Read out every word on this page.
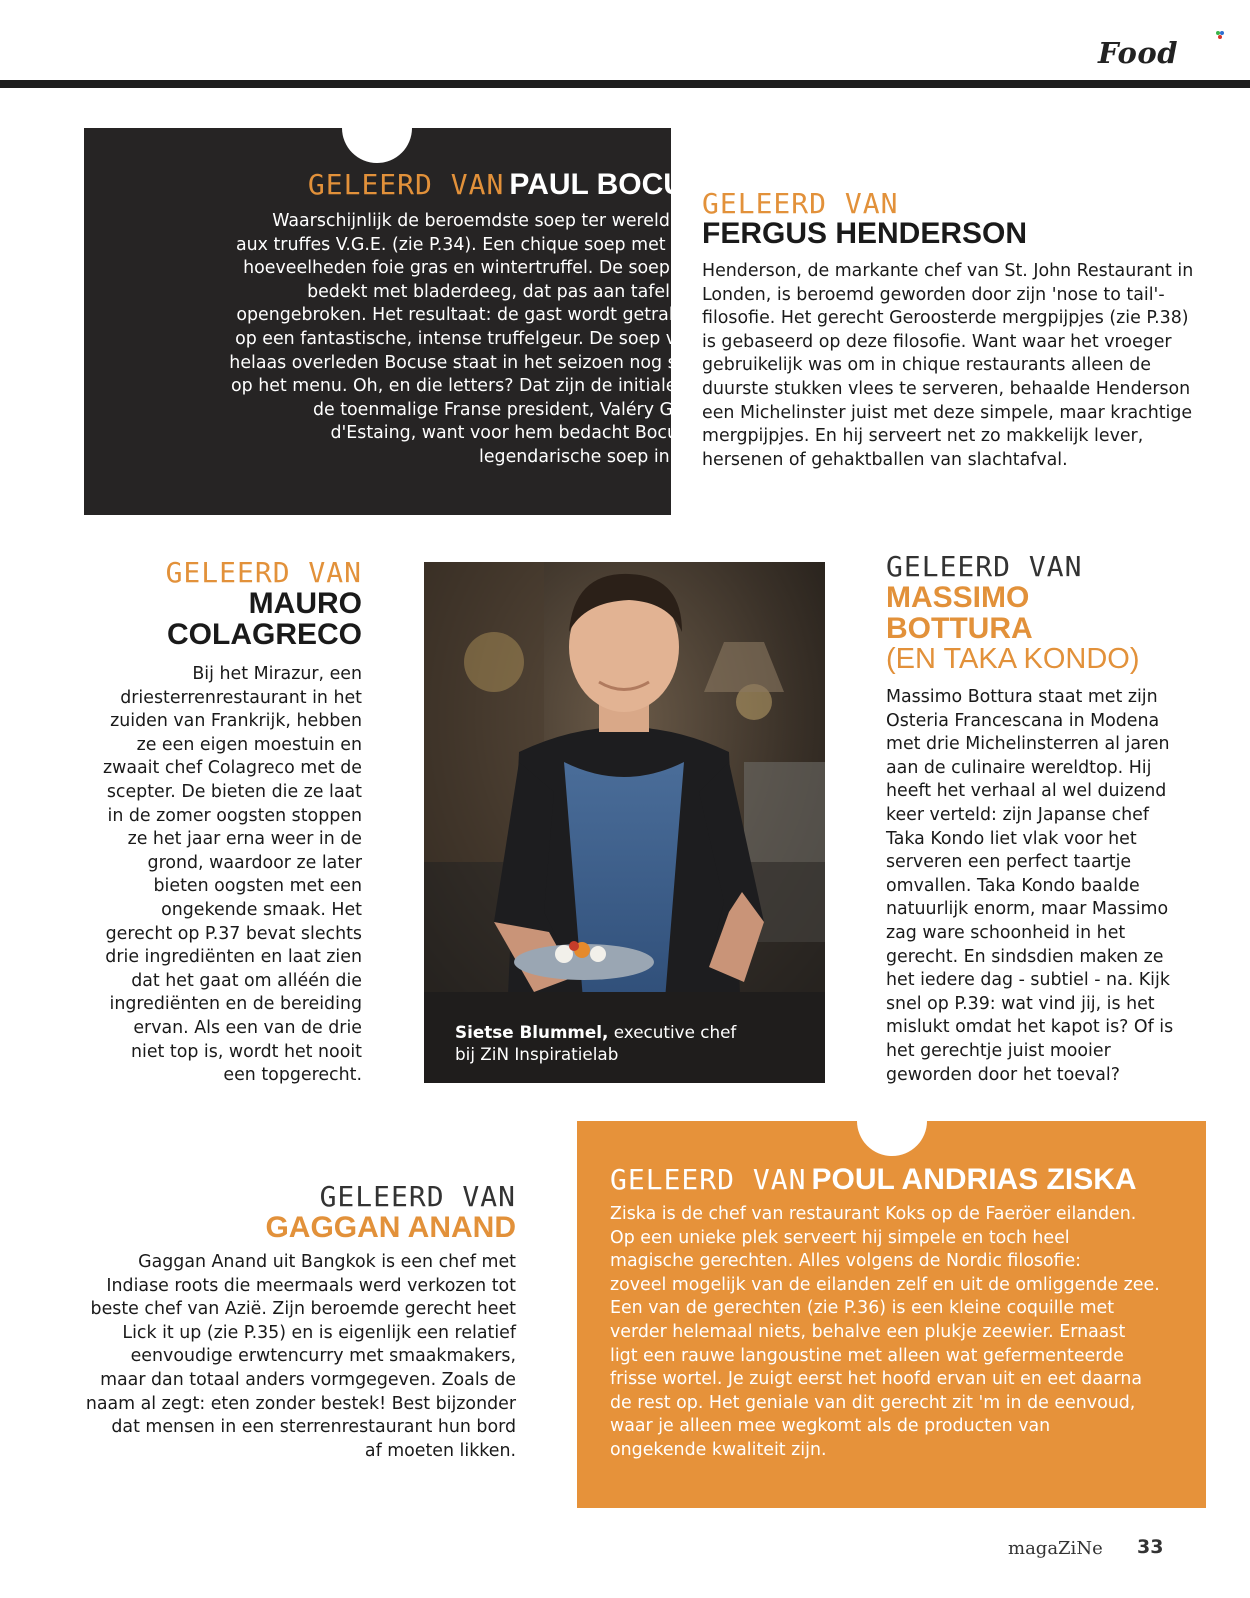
Food
GELEERD VAN PAUL BOCUSE
Waarschijnlijk de beroemdste soep ter wereld: Soup
aux truffes V.G.E. (zie P.34). Een chique soep met royale
hoeveelheden foie gras en wintertruffel. De soep wordt
bedekt met bladerdeeg, dat pas aan tafel wordt
opengebroken. Het resultaat: de gast wordt getrakteerd
op een fantastische, intense truffelgeur. De soep van de
helaas overleden Bocuse staat in het seizoen nog steeds
op het menu. Oh, en die letters? Dat zijn de initialen van
de toenmalige Franse president, Valéry Giscard
d'Estaing, want voor hem bedacht Bocuse de
legendarische soep in 1975.
GELEERD VAN
FERGUS HENDERSON
Henderson, de markante chef van St. John Restaurant in
Londen, is beroemd geworden door zijn 'nose to tail'-
filosofie. Het gerecht Geroosterde mergpijpjes (zie P.38)
is gebaseerd op deze filosofie. Want waar het vroeger
gebruikelijk was om in chique restaurants alleen de
duurste stukken vlees te serveren, behaalde Henderson
een Michelinster juist met deze simpele, maar krachtige
mergpijpjes. En hij serveert net zo makkelijk lever,
hersenen of gehaktballen van slachtafval.
GELEERD VAN
MAURO
COLAGRECO
Bij het Mirazur, een
driesterrenrestaurant in het
zuiden van Frankrijk, hebben
ze een eigen moestuin en
zwaait chef Colagreco met de
scepter. De bieten die ze laat
in de zomer oogsten stoppen
ze het jaar erna weer in de
grond, waardoor ze later
bieten oogsten met een
ongekende smaak. Het
gerecht op P.37 bevat slechts
drie ingrediënten en laat zien
dat het gaat om alléén die
ingrediënten en de bereiding
ervan. Als een van de drie
niet top is, wordt het nooit
een topgerecht.
Sietse Blummel, executive chef
bij ZiN Inspiratielab
GELEERD VAN
MASSIMO
BOTTURA
(EN TAKA KONDO)
Massimo Bottura staat met zijn
Osteria Francescana in Modena
met drie Michelinsterren al jaren
aan de culinaire wereldtop. Hij
heeft het verhaal al wel duizend
keer verteld: zijn Japanse chef
Taka Kondo liet vlak voor het
serveren een perfect taartje
omvallen. Taka Kondo baalde
natuurlijk enorm, maar Massimo
zag ware schoonheid in het
gerecht. En sindsdien maken ze
het iedere dag - subtiel - na. Kijk
snel op P.39: wat vind jij, is het
mislukt omdat het kapot is? Of is
het gerechtje juist mooier
geworden door het toeval?
GELEERD VAN
GAGGAN ANAND
Gaggan Anand uit Bangkok is een chef met
Indiase roots die meermaals werd verkozen tot
beste chef van Azië. Zijn beroemde gerecht heet
Lick it up (zie P.35) en is eigenlijk een relatief
eenvoudige erwtencurry met smaakmakers,
maar dan totaal anders vormgegeven. Zoals de
naam al zegt: eten zonder bestek! Best bijzonder
dat mensen in een sterrenrestaurant hun bord
af moeten likken.
GELEERD VAN POUL ANDRIAS ZISKA
Ziska is de chef van restaurant Koks op de Faeröer eilanden.
Op een unieke plek serveert hij simpele en toch heel
magische gerechten. Alles volgens de Nordic filosofie:
zoveel mogelijk van de eilanden zelf en uit de omliggende zee.
Een van de gerechten (zie P.36) is een kleine coquille met
verder helemaal niets, behalve een plukje zeewier. Ernaast
ligt een rauwe langoustine met alleen wat gefermenteerde
frisse wortel. Je zuigt eerst het hoofd ervan uit en eet daarna
de rest op. Het geniale van dit gerecht zit 'm in de eenvoud,
waar je alleen mee wegkomt als de producten van
ongekende kwaliteit zijn.
magaZiNe 33
